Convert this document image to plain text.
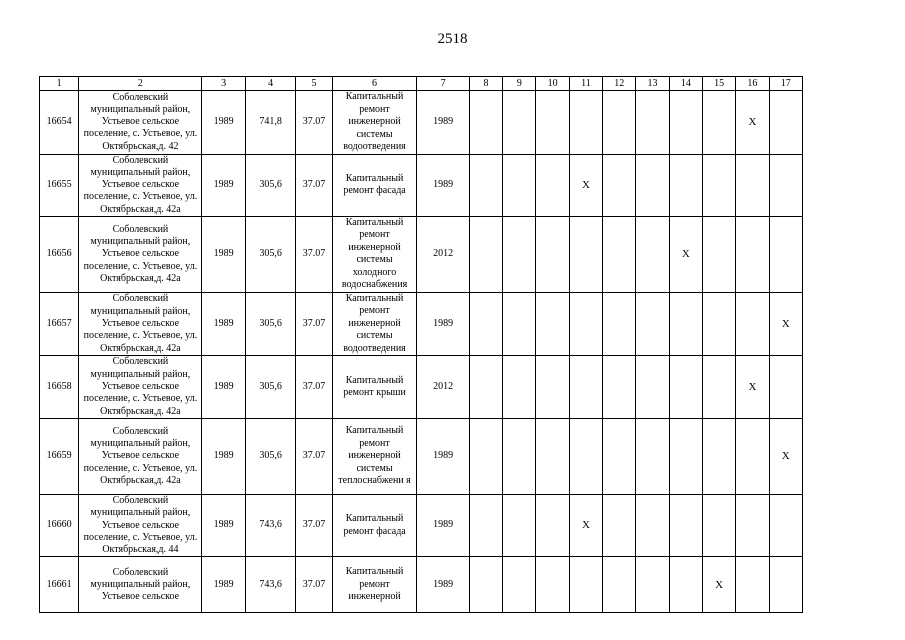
2518
1	2	3	4	5	6	7	8	9	10	11	12	13	14	15	16	17
16654	Соболевский муниципальный район, Устьевое сельское поселение, с. Устьевое, ул. Октябрьская,д. 42	1989	741,8	37.07	Капитальный ремонт инженерной системы водоотведения	1989									X	
16655	Соболевский муниципальный район, Устьевое сельское поселение, с. Устьевое, ул. Октябрьская,д. 42а	1989	305,6	37.07	Капитальный ремонт фасада	1989				X						
16656	Соболевский муниципальный район, Устьевое сельское поселение, с. Устьевое, ул. Октябрьская,д. 42а	1989	305,6	37.07	Капитальный ремонт инженерной системы холодного водоснабжения	2012							X			
16657	Соболевский муниципальный район, Устьевое сельское поселение, с. Устьевое, ул. Октябрьская,д. 42а	1989	305,6	37.07	Капитальный ремонт инженерной системы водоотведения	1989										X
16658	Соболевский муниципальный район, Устьевое сельское поселение, с. Устьевое, ул. Октябрьская,д. 42а	1989	305,6	37.07	Капитальный ремонт крыши	2012									X	
16659	Соболевский муниципальный район, Устьевое сельское поселение, с. Устьевое, ул. Октябрьская,д. 42а	1989	305,6	37.07	Капитальный ремонт инженерной системы теплоснабжени я	1989										X
16660	Соболевский муниципальный район, Устьевое сельское поселение, с. Устьевое, ул. Октябрьская,д. 44	1989	743,6	37.07	Капитальный ремонт фасада	1989				X						
16661	Соболевский муниципальный район, Устьевое сельское	1989	743,6	37.07	Капитальный ремонт инженерной	1989								X		
